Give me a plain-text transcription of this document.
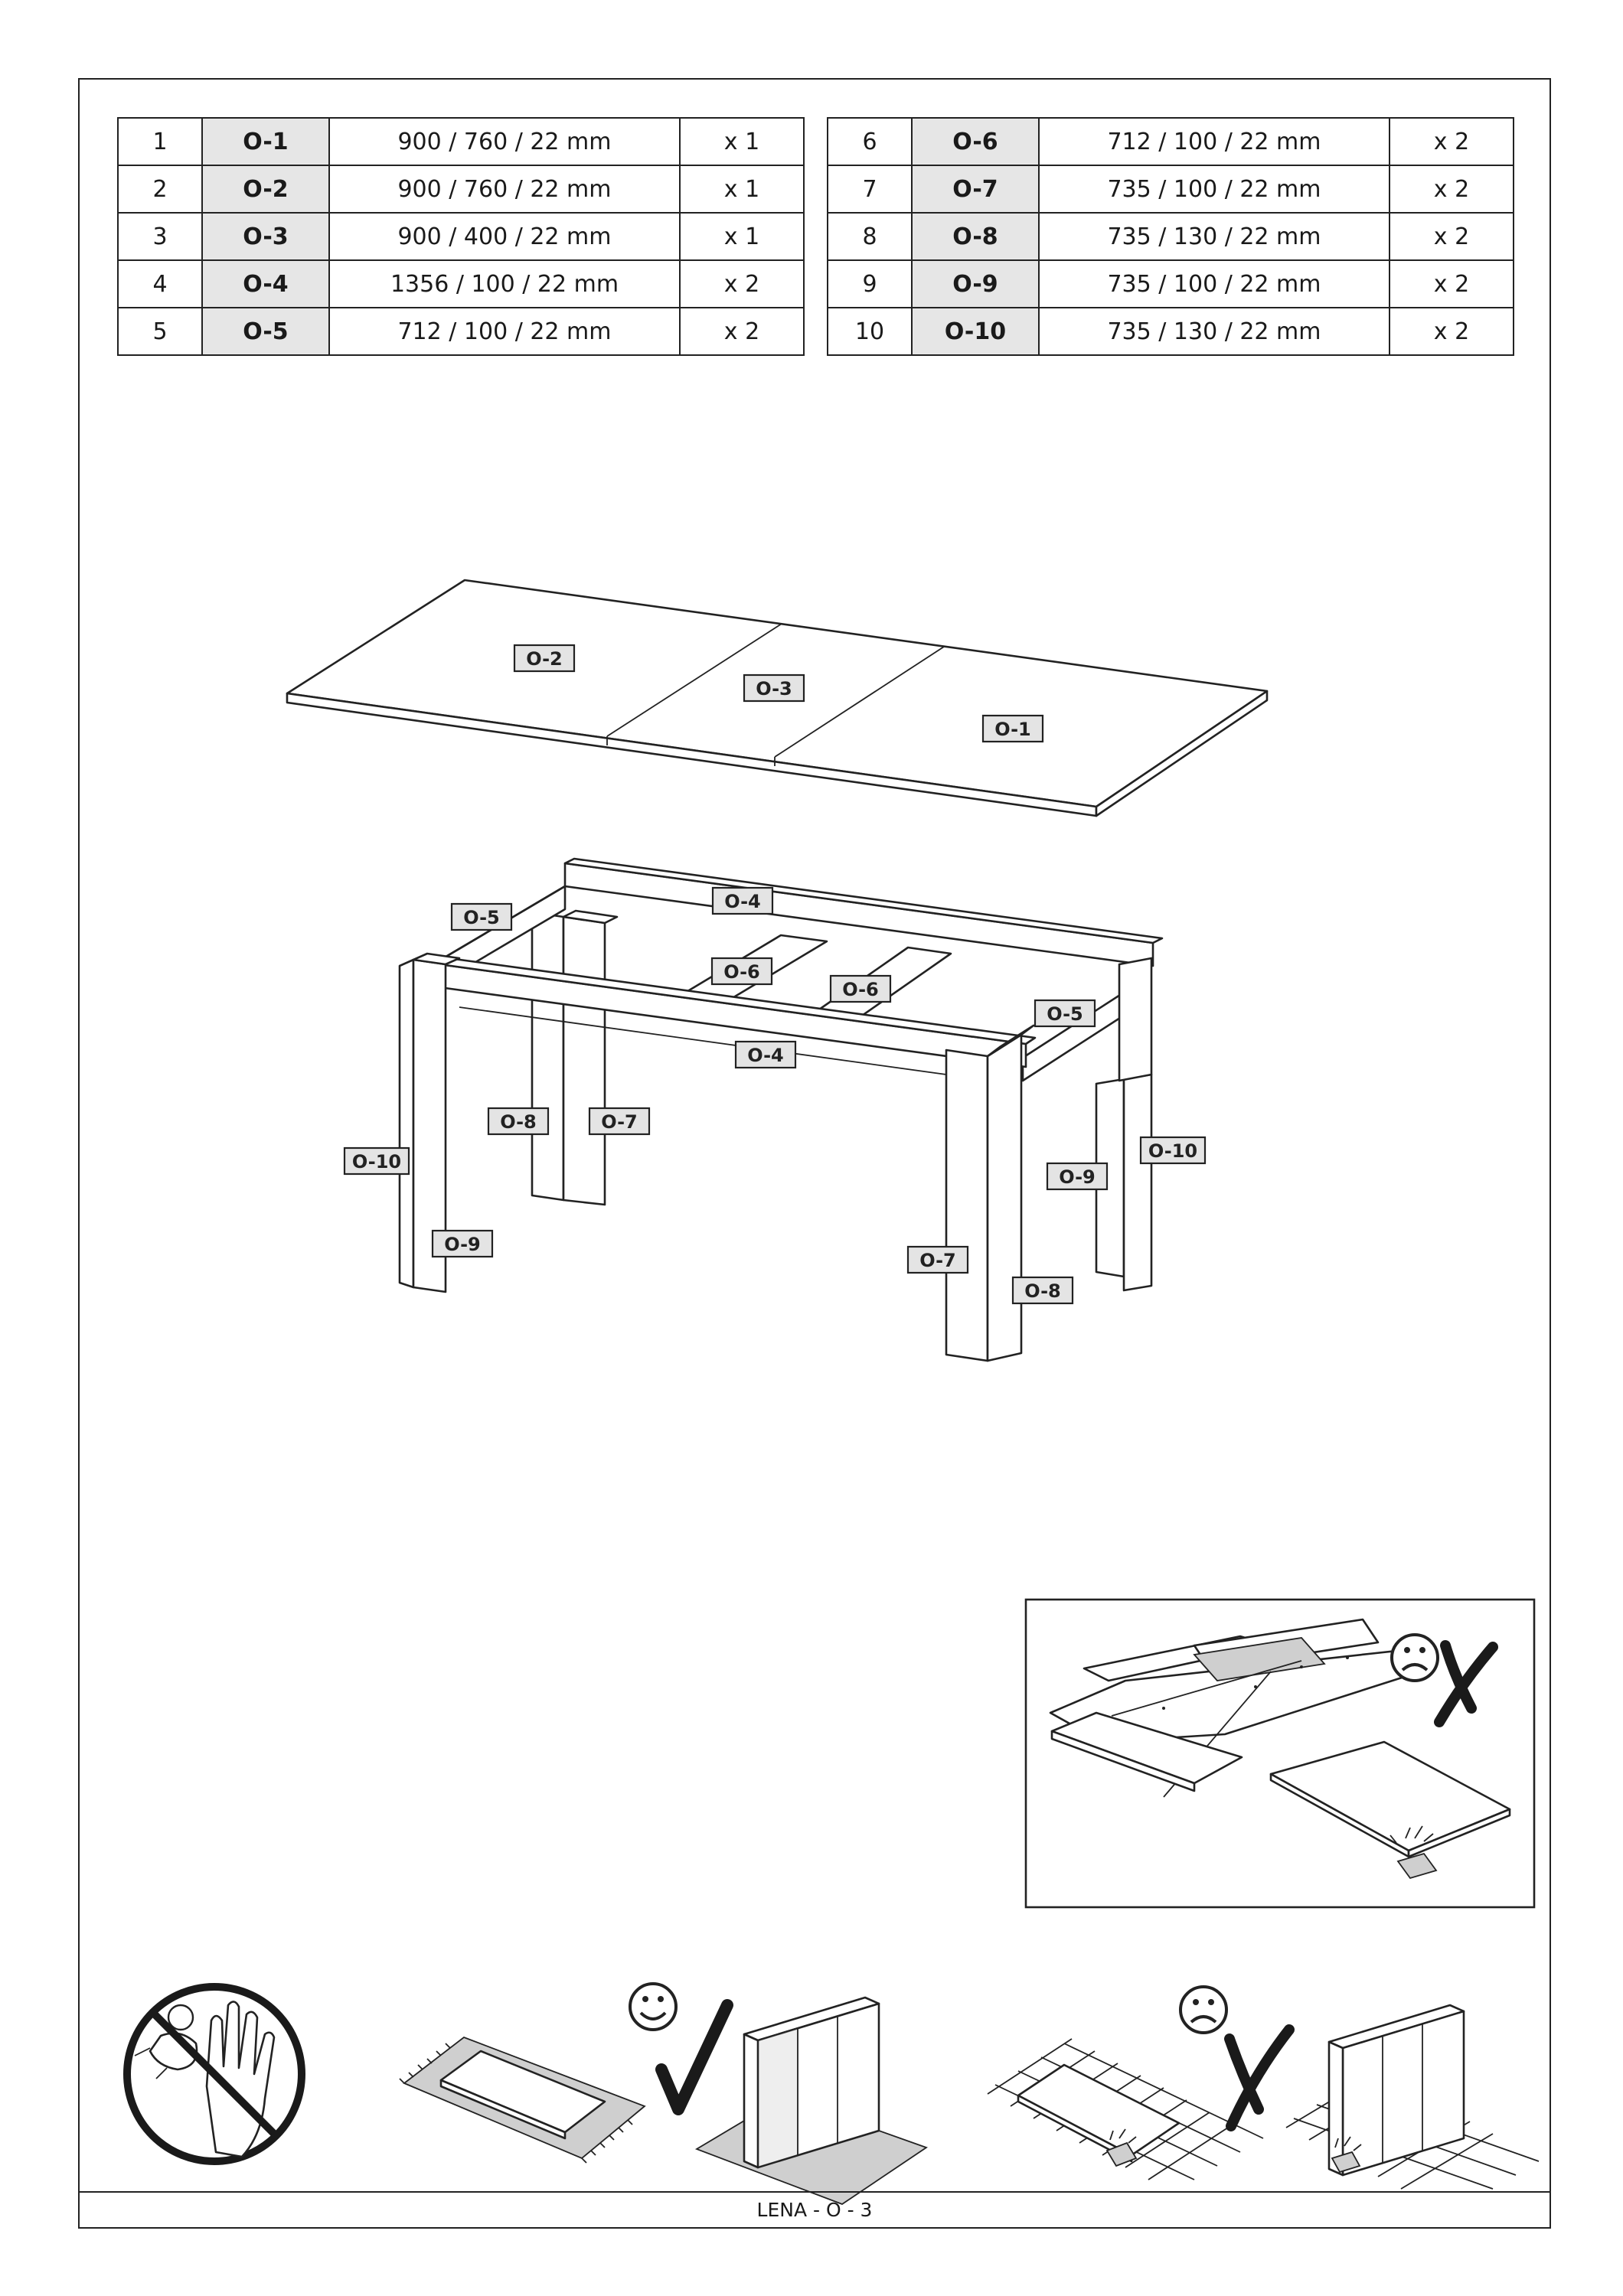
1	O-1	900 / 760 / 22 mm	x 1
2	O-2	900 / 760 / 22 mm	x 1
3	O-3	900 / 400 / 22 mm	x 1
4	O-4	1356 / 100 / 22 mm	x 2
5	O-5	712 / 100 / 22 mm	x 2
6	O-6	712 / 100 / 22 mm	x 2
7	O-7	735 / 100 / 22 mm	x 2
8	O-8	735 / 130 / 22 mm	x 2
9	O-9	735 / 100 / 22 mm	x 2
10	O-10	735 / 130 / 22 mm	x 2
O-2
O-3
O-1
O-4
O-5
O-6
O-6
O-5
O-4
O-8	O-7
O-10
O-9
O-7
O-8
O-9
O-10
LENA - O - 3
